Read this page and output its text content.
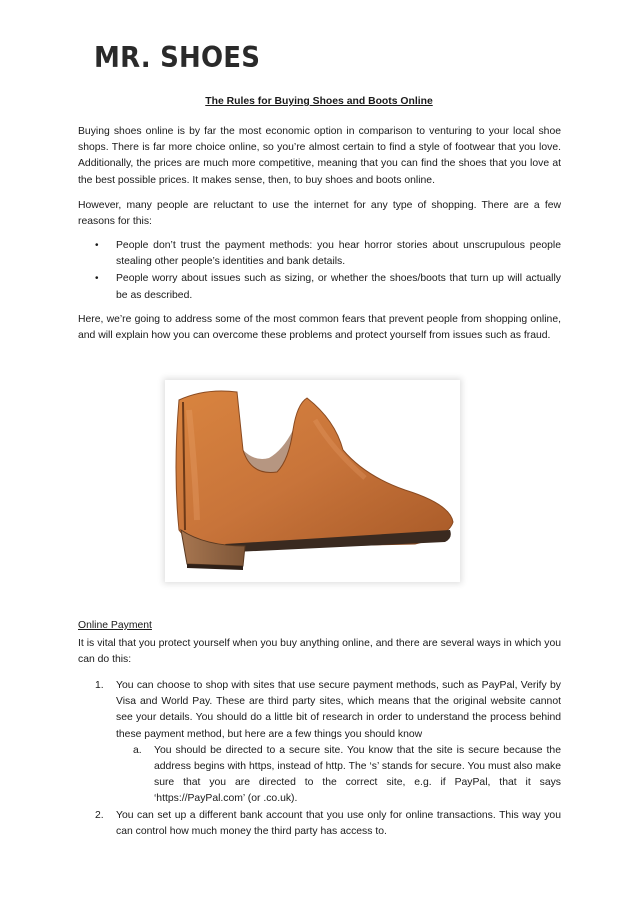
MR. SHOES
The Rules for Buying Shoes and Boots Online

Buying shoes online is by far the most economic option in comparison to venturing to your local shoe shops. There is far more choice online, so you’re almost certain to find a style of footwear that you love. Additionally, the prices are much more competitive, meaning that you can find the shoes that you love at the best possible prices. It makes sense, then, to buy shoes and boots online.

However, many people are reluctant to use the internet for any type of shopping. There are a few reasons for this:

• People don’t trust the payment methods: you hear horror stories about unscrupulous people stealing other people’s identities and bank details.
• People worry about issues such as sizing, or whether the shoes/boots that turn up will actually be as described.

Here, we’re going to address some of the most common fears that prevent people from shopping online, and will explain how you can overcome these problems and protect yourself from issues such as fraud.

Online Payment

It is vital that you protect yourself when you buy anything online, and there are several ways in which you can do this:

1. You can choose to shop with sites that use secure payment methods, such as PayPal, Verify by Visa and World Pay. These are third party sites, which means that the original website cannot see your details. You should do a little bit of research in order to understand the process behind these payment method, but here are a few things you should know
a. You should be directed to a secure site. You know that the site is secure because the address begins with https, instead of http. The ‘s’ stands for secure. You must also make sure that you are directed to the correct site, e.g. if PayPal, that it says ‘https://PayPal.com’ (or .co.uk).
2. You can set up a different bank account that you use only for online transactions. This way you can control how much money the third party has access to.
